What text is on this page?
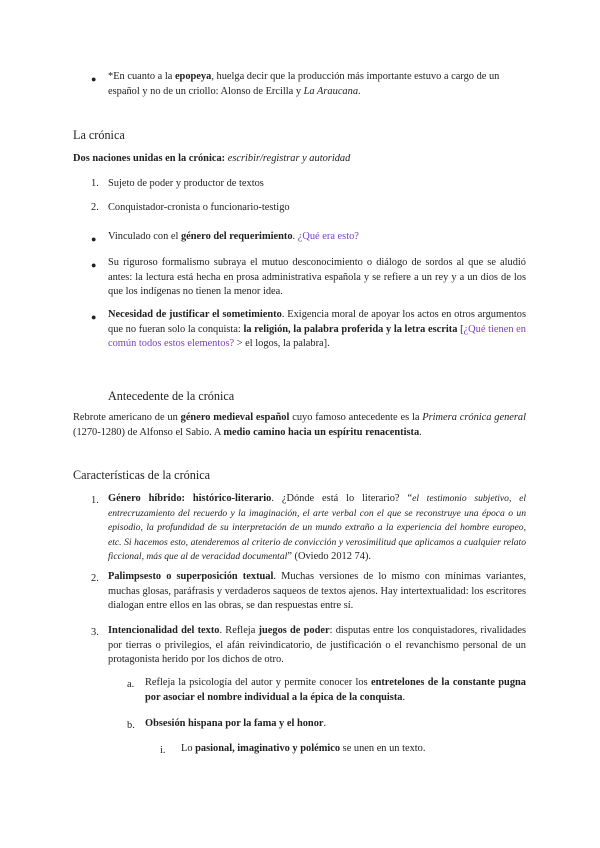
● *En cuanto a la epopeya, huelga decir que la producción más importante estuvo a cargo de un español y no de un criollo: Alonso de Ercilla y La Araucana.

La crónica

Dos naciones unidas en la crónica: escribir/registrar y autoridad

1. Sujeto de poder y productor de textos
2. Conquistador-cronista o funcionario-testigo
● Vinculado con el género del requerimiento. ¿Qué era esto?

● Su riguroso formalismo subraya el mutuo desconocimiento o diálogo de sordos al que se aludió antes: la lectura está hecha en prosa administrativa española y se refiere a un rey y a un dios de los que los indígenas no tienen la menor idea.

● Necesidad de justificar el sometimiento. Exigencia moral de apoyar los actos en otros argumentos que no fueran solo la conquista: la religión, la palabra proferida y la letra escrita [¿Qué tienen en común todos estos elementos? > el logos, la palabra].

Antecedente de la crónica

Rebrote americano de un género medieval español cuyo famoso antecedente es la Primera crónica general (1270-1280) de Alfonso el Sabio. A medio camino hacia un espíritu renacentista.

Características de la crónica
1. Género híbrido: histórico-literario. ¿Dónde está lo literario? “el testimonio subjetivo, el entrecruzamiento del recuerdo y la imaginación, el arte verbal con el que se reconstruye una época o un episodio, la profundidad de su interpretación de un mundo extraño a la experiencia del hombre europeo, etc. Si hacemos esto, atenderemos al criterio de convicción y verosimilitud que aplicamos a cualquier relato ficcional, más que al de veracidad documental” (Oviedo 2012 74).

2. Palimpsesto o superposición textual. Muchas versiones de lo mismo con mínimas variantes, muchas glosas, paráfrasis y verdaderos saqueos de textos ajenos. Hay intertextualidad: los escritores dialogan entre ellos en las obras, se dan respuestas entre sí.

3. Intencionalidad del texto. Refleja juegos de poder: disputas entre los conquistadores, rivalidades por tierras o privilegios, el afán reivindicatorio, de justificación o el revanchismo personal de un protagonista herido por los dichos de otro.

a. Refleja la psicología del autor y permite conocer los entretelones de la constante pugna por asociar el nombre individual a la épica de la conquista.

b. Obsesión hispana por la fama y el honor.

i. Lo pasional, imaginativo y polémico se unen en un texto.
